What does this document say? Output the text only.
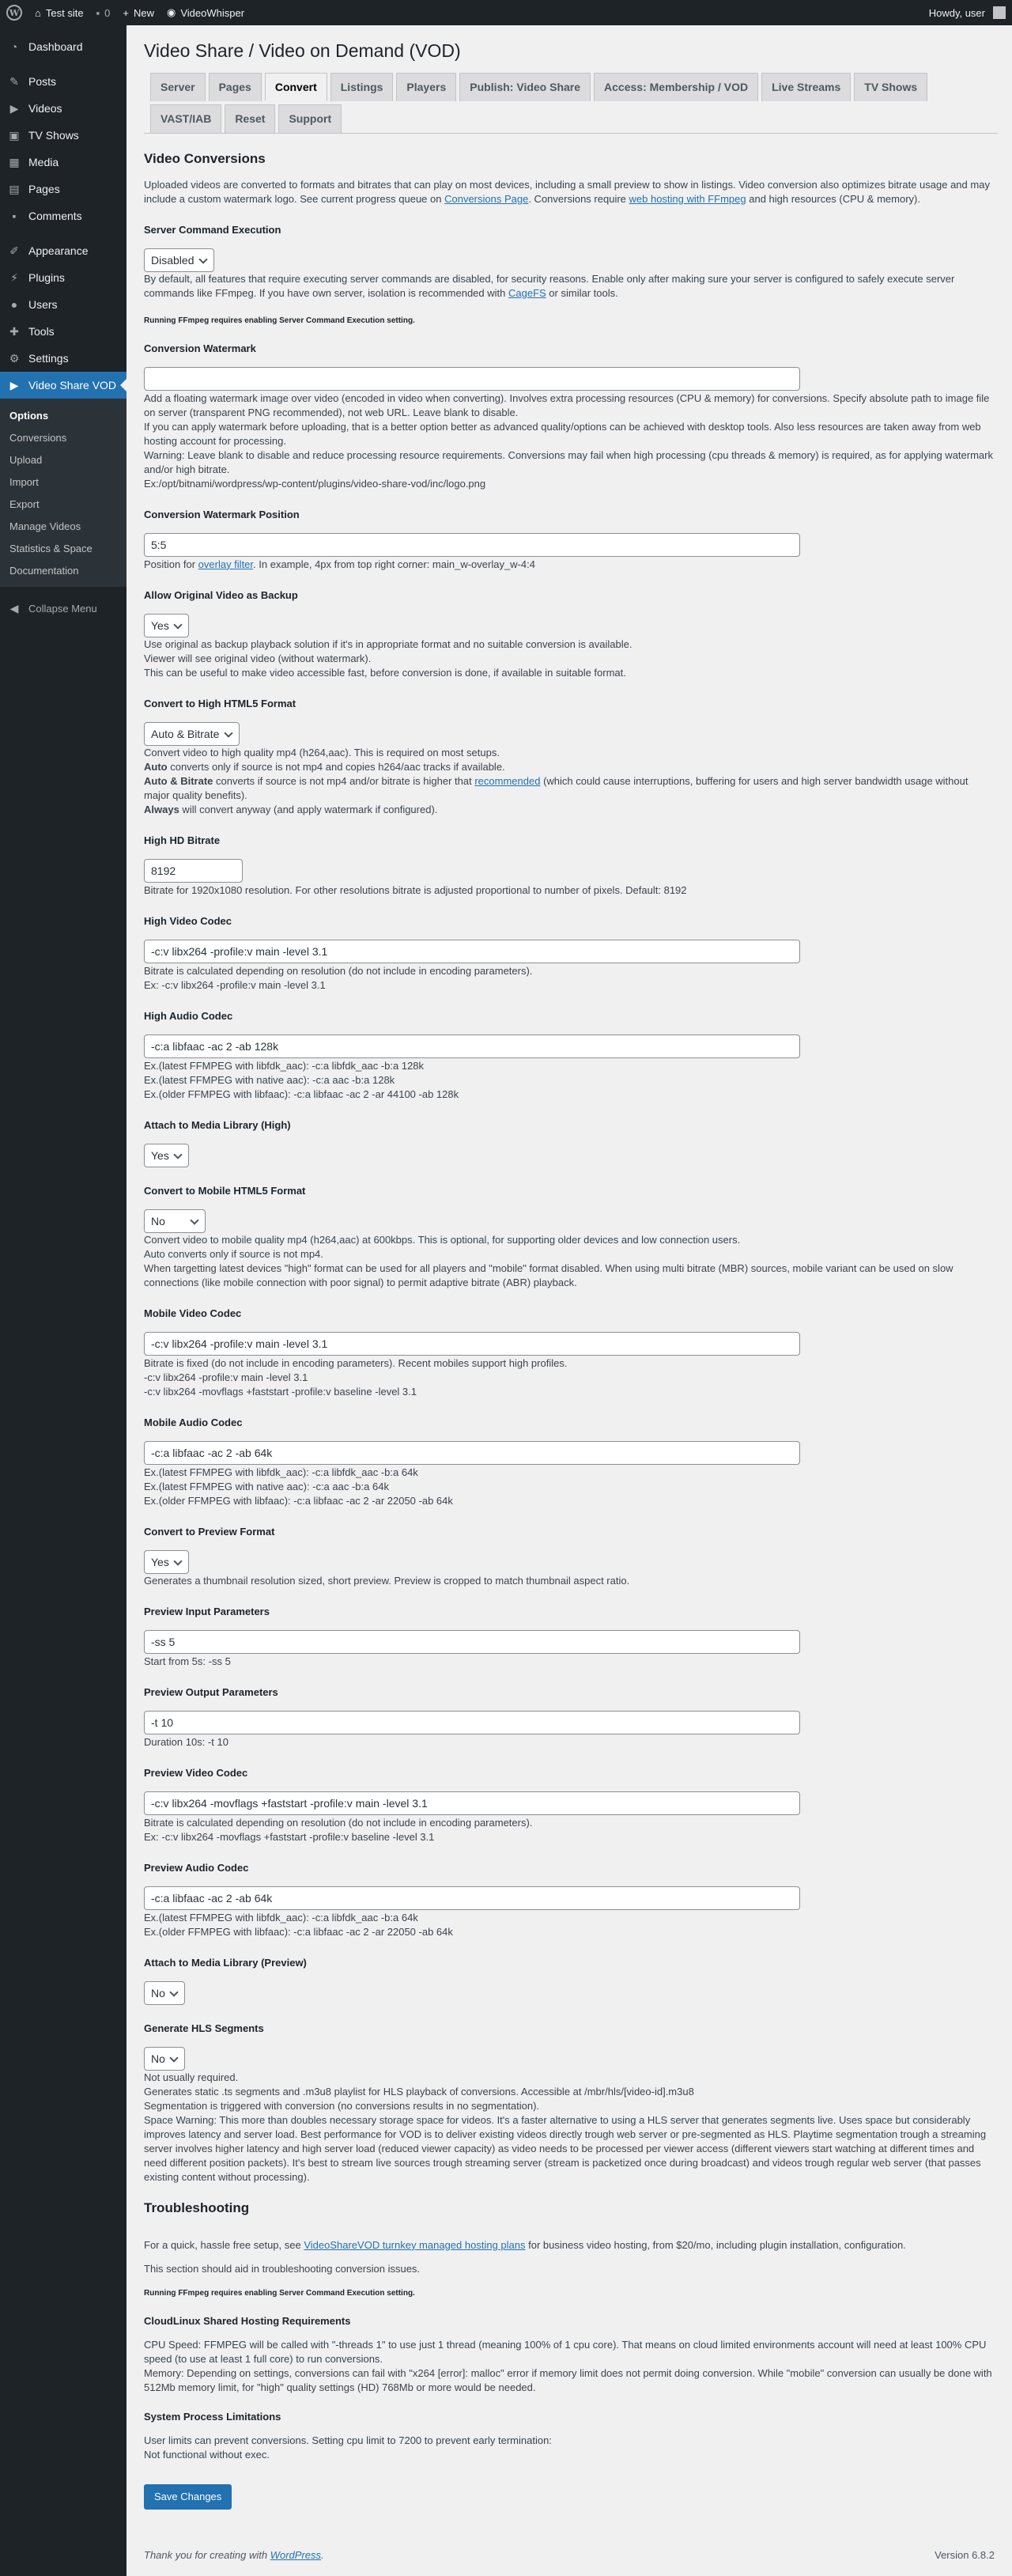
W ⌂ Test site ▪ 0 + New ◉ VideoWhisper	Howdy, user
◔ Dashboard
✎ Posts
▶ Videos
▣ TV Shows
▦ Media
▤ Pages
▪	Comments
✐ Appearance
⚡ Plugins
● Users
✚ Tools
⚙ Settings
▶ Video Share VOD
Options
Conversions
Upload
Import
Export
Manage Videos
Statistics & Space
Documentation
◀ Collapse Menu
Video Share / Video on Demand (VOD)
Server	Pages	Convert	Listings	Players	Publish: Video Share	Access: Membership / VOD	Live Streams	TV Shows
VAST/IAB	Reset	Support
Video Conversions

Uploaded videos are converted to formats and bitrates that can play on most devices, including a small preview to show in listings. Video conversion also optimizes bitrate usage and may include a custom watermark logo. See current progress queue on Conversions Page. Conversions require web hosting with FFmpeg and high resources (CPU & memory).

Server Command Execution
Disabled

By default, all features that require executing server commands are disabled, for security reasons. Enable only after making sure your server is configured to safely execute server commands like FFmpeg. If you have own server, isolation is recommended with CageFS or similar tools.

Running FFmpeg requires enabling Server Command Execution setting.
Conversion Watermark

Add a floating watermark image over video (encoded in video when converting). Involves extra processing resources (CPU & memory) for conversions. Specify absolute path to image file on server (transparent PNG recommended), not web URL. Leave blank to disable.
If you can apply watermark before uploading, that is a better option better as advanced quality/options can be achieved with desktop tools. Also less resources are taken away from web hosting account for processing.
Warning: Leave blank to disable and reduce processing resource requirements. Conversions may fail when high processing (cpu threads & memory) is required, as for applying watermark and/or high bitrate.
Ex:/opt/bitnami/wordpress/wp-content/plugins/video-share-vod/inc/logo.png

Conversion Watermark Position
5:5

Position for overlay filter. In example, 4px from top right corner: main_w-overlay_w-4:4

Allow Original Video as Backup
Yes

Use original as backup playback solution if it's in appropriate format and no suitable conversion is available.
Viewer will see original video (without watermark).
This can be useful to make video accessible fast, before conversion is done, if available in suitable format.

Convert to High HTML5 Format
Auto & Bitrate

Convert video to high quality mp4 (h264,aac). This is required on most setups.
Auto converts only if source is not mp4 and copies h264/aac tracks if available.
Auto & Bitrate converts if source is not mp4 and/or bitrate is higher that recommended (which could cause interruptions, buffering for users and high server bandwidth usage without major quality benefits).
Always will convert anyway (and apply watermark if configured).

High HD Bitrate
8192

Bitrate for 1920x1080 resolution. For other resolutions bitrate is adjusted proportional to number of pixels. Default: 8192

High Video Codec
-c:v libx264 -profile:v main -level 3.1

Bitrate is calculated depending on resolution (do not include in encoding parameters).
Ex: -c:v libx264 -profile:v main -level 3.1

High Audio Codec
-c:a libfaac -ac 2 -ab 128k

Ex.(latest FFMPEG with libfdk_aac): -c:a libfdk_aac -b:a 128k
Ex.(latest FFMPEG with native aac): -c:a aac -b:a 128k
Ex.(older FFMPEG with libfaac): -c:a libfaac -ac 2 -ar 44100 -ab 128k

Attach to Media Library (High)
Yes
Convert to Mobile HTML5 Format
No

Convert video to mobile quality mp4 (h264,aac) at 600kbps. This is optional, for supporting older devices and low connection users.
Auto converts only if source is not mp4.
When targetting latest devices "high" format can be used for all players and "mobile" format disabled. When using multi bitrate (MBR) sources, mobile variant can be used on slow connections (like mobile connection with poor signal) to permit adaptive bitrate (ABR) playback.

Mobile Video Codec
-c:v libx264 -profile:v main -level 3.1

Bitrate is fixed (do not include in encoding parameters). Recent mobiles support high profiles.
-c:v libx264 -profile:v main -level 3.1
-c:v libx264 -movflags +faststart -profile:v baseline -level 3.1

Mobile Audio Codec
-c:a libfaac -ac 2 -ab 64k

Ex.(latest FFMPEG with libfdk_aac): -c:a libfdk_aac -b:a 64k
Ex.(latest FFMPEG with native aac): -c:a aac -b:a 64k
Ex.(older FFMPEG with libfaac): -c:a libfaac -ac 2 -ar 22050 -ab 64k

Convert to Preview Format
Yes

Generates a thumbnail resolution sized, short preview. Preview is cropped to match thumbnail aspect ratio.

Preview Input Parameters
-ss 5

Start from 5s: -ss 5

Preview Output Parameters
-t 10

Duration 10s: -t 10

Preview Video Codec
-c:v libx264 -movflags +faststart -profile:v main -level 3.1

Bitrate is calculated depending on resolution (do not include in encoding parameters).
Ex: -c:v libx264 -movflags +faststart -profile:v baseline -level 3.1

Preview Audio Codec
-c:a libfaac -ac 2 -ab 64k

Ex.(latest FFMPEG with libfdk_aac): -c:a libfdk_aac -b:a 64k
Ex.(older FFMPEG with libfaac): -c:a libfaac -ac 2 -ar 22050 -ab 64k

Attach to Media Library (Preview)
No
Generate HLS Segments
No

Not usually required.
Generates static .ts segments and .m3u8 playlist for HLS playback of conversions. Accessible at /mbr/hls/[video-id].m3u8
Segmentation is triggered with conversion (no conversions results in no segmentation).
Space Warning: This more than doubles necessary storage space for videos. It's a faster alternative to using a HLS server that generates segments live. Uses space but considerably improves latency and server load. Best performance for VOD is to deliver existing videos directly trough web server or pre-segmented as HLS. Playtime segmentation trough a streaming server involves higher latency and high server load (reduced viewer capacity) as video needs to be processed per viewer access (different viewers start watching at different times and need different position packets). It's best to stream live sources trough streaming server (stream is packetized once during broadcast) and videos trough regular web server (that passes existing content without processing).

Troubleshooting

For a quick, hassle free setup, see VideoShareVOD turnkey managed hosting plans for business video hosting, from $20/mo, including plugin installation, configuration.

This section should aid in troubleshooting conversion issues.

Running FFmpeg requires enabling Server Command Execution setting.
CloudLinux Shared Hosting Requirements

CPU Speed: FFMPEG will be called with "-threads 1" to use just 1 thread (meaning 100% of 1 cpu core). That means on cloud limited environments account will need at least 100% CPU speed (to use at least 1 full core) to run conversions.
Memory: Depending on settings, conversions can fail with "x264 [error]: malloc" error if memory limit does not permit doing conversion. While "mobile" conversion can usually be done with 512Mb memory limit, for "high" quality settings (HD) 768Mb or more would be needed.

System Process Limitations

User limits can prevent conversions. Setting cpu limit to 7200 to prevent early termination:
Not functional without exec.

Save Changes
Thank you for creating with WordPress.	Version 6.8.2
